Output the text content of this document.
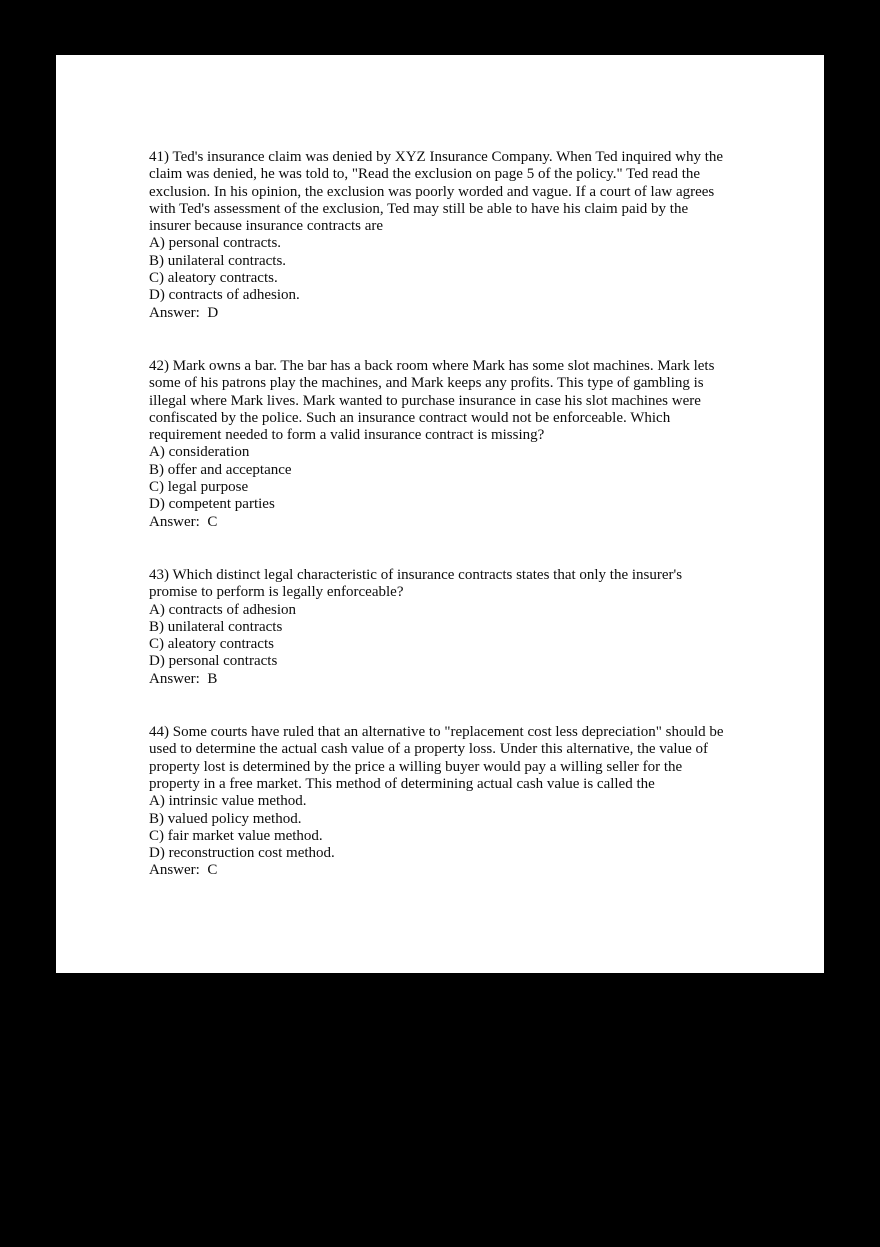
41) Ted's insurance claim was denied by XYZ Insurance Company. When Ted inquired why the claim was denied, he was told to, "Read the exclusion on page 5 of the policy." Ted read the exclusion. In his opinion, the exclusion was poorly worded and vague. If a court of law agrees with Ted's assessment of the exclusion, Ted may still be able to have his claim paid by the insurer because insurance contracts are

A) personal contracts.

B) unilateral contracts.

C) aleatory contracts.

D) contracts of adhesion.

Answer:  D

42) Mark owns a bar. The bar has a back room where Mark has some slot machines. Mark lets some of his patrons play the machines, and Mark keeps any profits. This type of gambling is illegal where Mark lives. Mark wanted to purchase insurance in case his slot machines were confiscated by the police. Such an insurance contract would not be enforceable. Which requirement needed to form a valid insurance contract is missing?

A) consideration

B) offer and acceptance

C) legal purpose

D) competent parties

Answer:  C

43) Which distinct legal characteristic of insurance contracts states that only the insurer's promise to perform is legally enforceable?

A) contracts of adhesion

B) unilateral contracts

C) aleatory contracts

D) personal contracts

Answer:  B

44) Some courts have ruled that an alternative to "replacement cost less depreciation" should be used to determine the actual cash value of a property loss. Under this alternative, the value of property lost is determined by the price a willing buyer would pay a willing seller for the property in a free market. This method of determining actual cash value is called the

A) intrinsic value method.

B) valued policy method.

C) fair market value method.

D) reconstruction cost method.

Answer:  C
